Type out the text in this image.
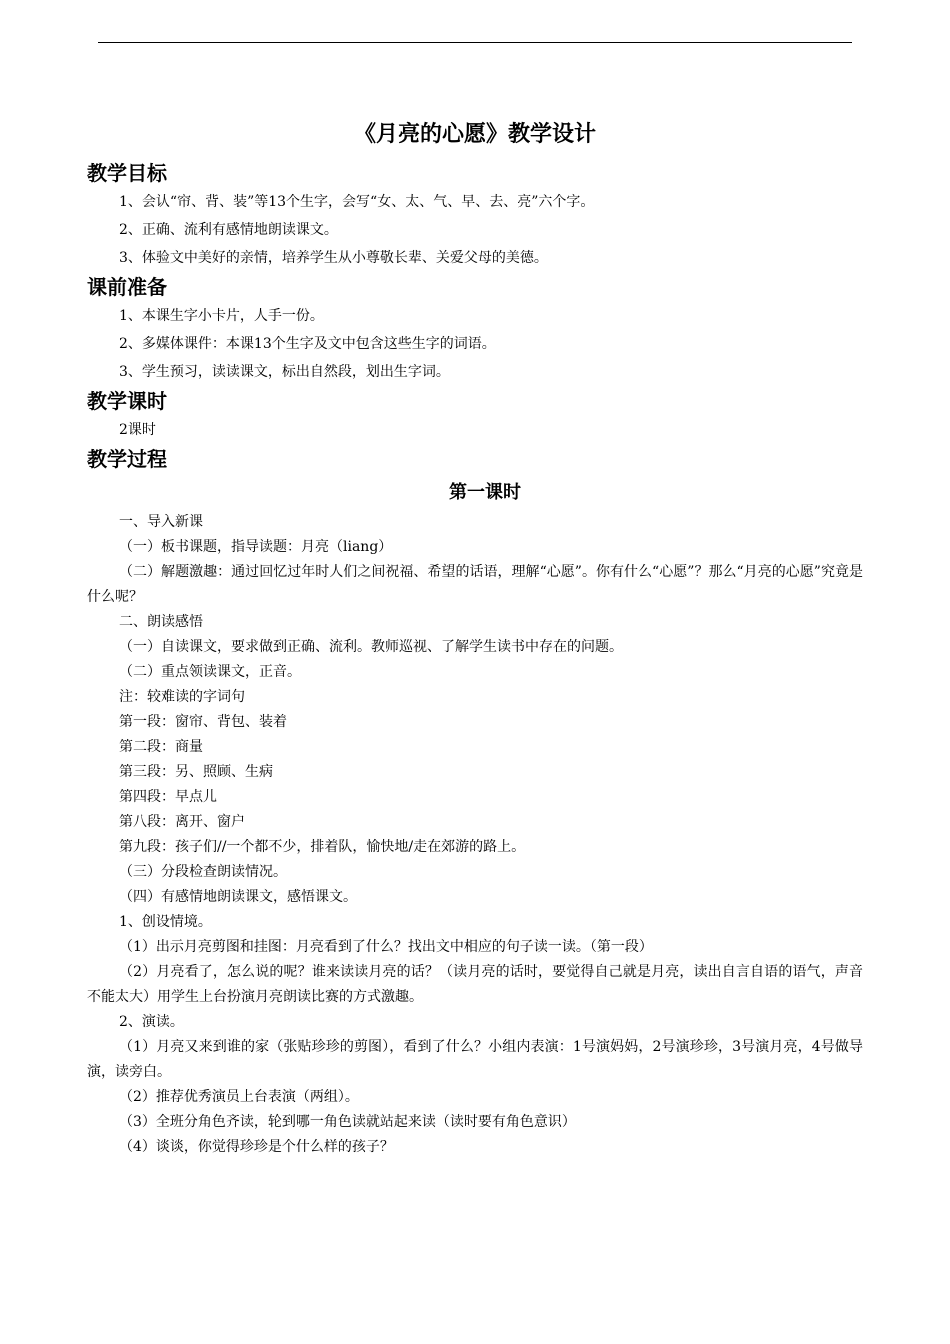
《月亮的心愿》教学设计
教学目标
1、会认“帘、背、装”等13个生字，会写“女、太、气、早、去、亮”六个字。
2、正确、流利有感情地朗读课文。
3、体验文中美好的亲情，培养学生从小尊敬长辈、关爱父母的美德。
课前准备
1、本课生字小卡片，人手一份。
2、多媒体课件：本课13个生字及文中包含这些生字的词语。
3、学生预习，读读课文，标出自然段，划出生字词。
教学课时
2课时
教学过程
第一课时
一、导入新课
（一）板书课题，指导读题：月亮（liang）
（二）解题激趣：通过回忆过年时人们之间祝福、希望的话语，理解“心愿”。你有什么“心愿”？那么“月亮的心愿”究竟是什么呢？
二、朗读感悟
（一）自读课文，要求做到正确、流利。教师巡视、了解学生读书中存在的问题。
（二）重点领读课文，正音。
注：较难读的字词句
第一段：窗帘、背包、装着
第二段：商量
第三段：另、照顾、生病
第四段：早点儿
第八段：离开、窗户
第九段：孩子们//一个都不少，排着队，愉快地/走在郊游的路上。
（三）分段检查朗读情况。
（四）有感情地朗读课文，感悟课文。
1、创设情境。
（1）出示月亮剪图和挂图：月亮看到了什么？找出文中相应的句子读一读。（第一段）
（2）月亮看了，怎么说的呢？谁来读读月亮的话？（读月亮的话时，要觉得自己就是月亮，读出自言自语的语气，声音不能太大）用学生上台扮演月亮朗读比赛的方式激趣。
2、演读。
（1）月亮又来到谁的家（张贴珍珍的剪图），看到了什么？小组内表演：1号演妈妈，2号演珍珍，3号演月亮，4号做导演，读旁白。
（2）推荐优秀演员上台表演（两组）。
（3）全班分角色齐读，轮到哪一角色读就站起来读（读时要有角色意识）
（4）谈谈，你觉得珍珍是个什么样的孩子？
